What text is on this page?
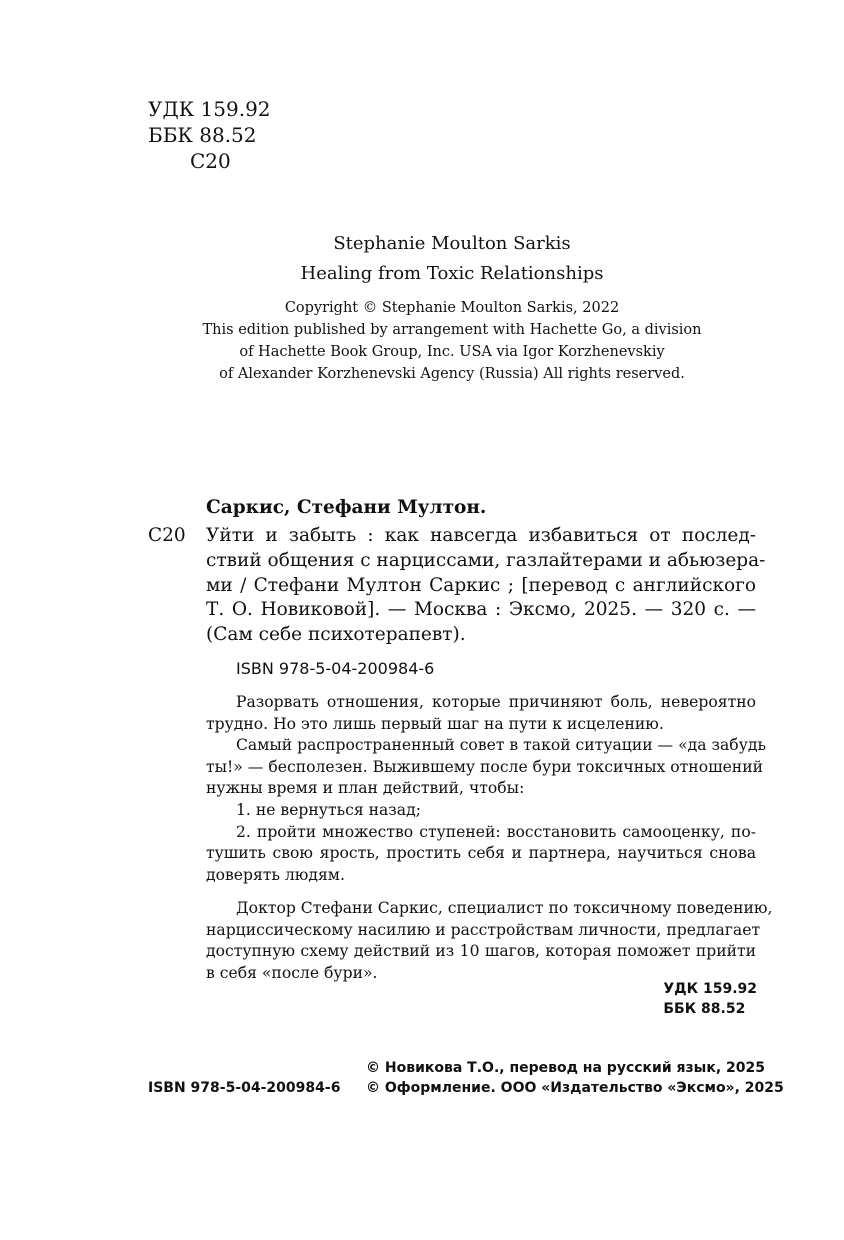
УДК 159.92
ББК 88.52
С20
Stephanie Moulton Sarkis
Healing from Toxic Relationships
Copyright © Stephanie Moulton Sarkis, 2022
This edition published by arrangement with Hachette Go, a division
of Hachette Book Group, Inc. USA via Igor Korzhenevskiy
of Alexander Korzhenevski Agency (Russia) All rights reserved.
Саркис, Стефани Мултон.
С20 Уйти и забыть : как навсегда избавиться от послед-
ствий общения с нарциссами, газлайтерами и абьюзера-
ми / Стефани Мултон Саркис ; [перевод с английского
Т. О. Новиковой]. — Москва : Эксмо, 2025. — 320 с. —
(Сам себе психотерапевт).
ISBN 978-5-04-200984-6
Разорвать отношения, которые причиняют боль, невероятно
трудно. Но это лишь первый шаг на пути к исцелению.
Самый распространенный совет в такой ситуации — «да забудь
ты!» — бесполезен. Выжившему после бури токсичных отношений
нужны время и план действий, чтобы:
1. не вернуться назад;
2. пройти множество ступеней: восстановить самооценку, по-
тушить свою ярость, простить себя и партнера, научиться снова
доверять людям.
Доктор Стефани Саркис, специалист по токсичному поведению,
нарциссическому насилию и расстройствам личности, предлагает
доступную схему действий из 10 шагов, которая поможет прийти
в себя «после бури».
УДК 159.92
ББК 88.52
© Новикова Т.О., перевод на русский язык, 2025
© Оформление. ООО «Издательство «Эксмо», 2025
ISBN 978-5-04-200984-6
